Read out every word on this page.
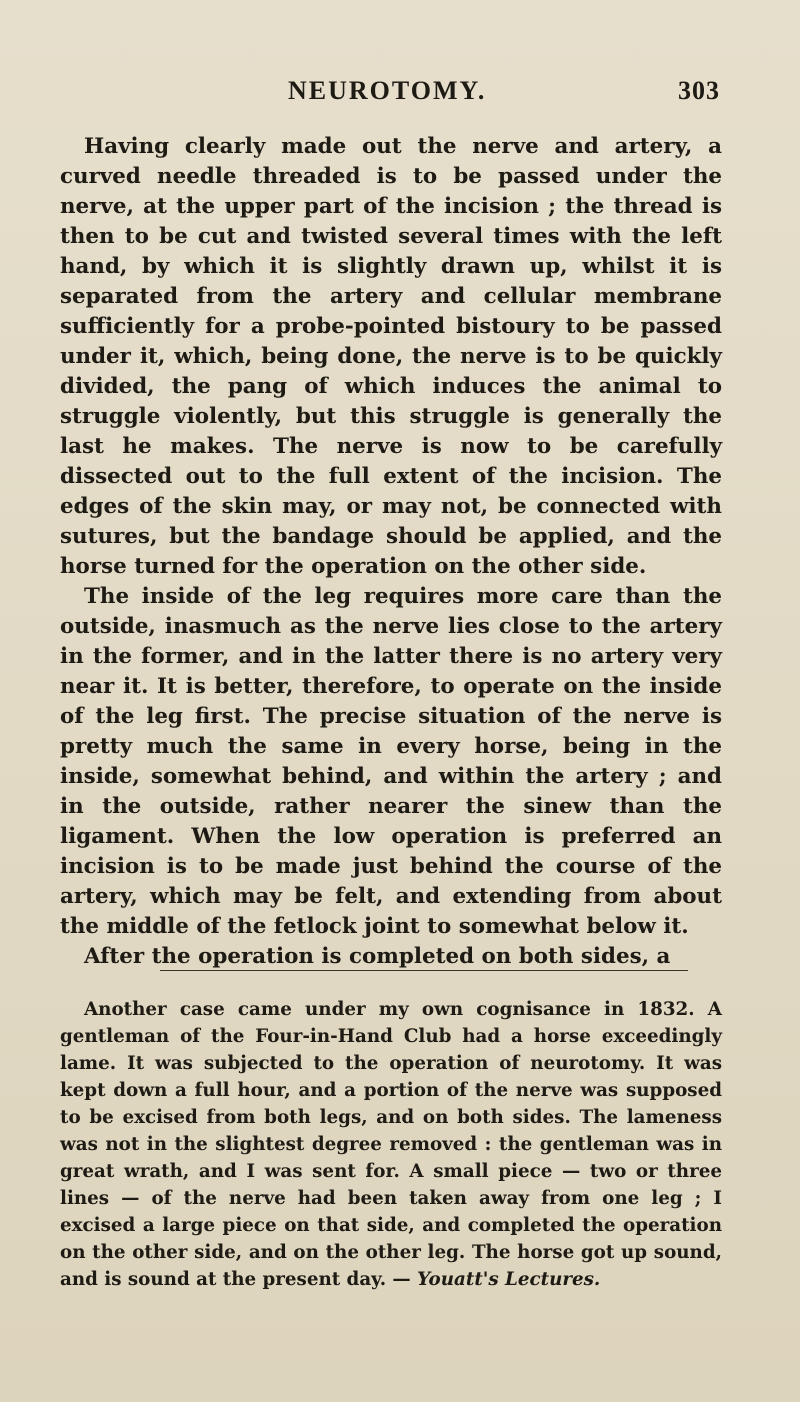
NEUROTOMY.	303

Having clearly made out the nerve and artery, a curved needle threaded is to be passed under the nerve, at the upper part of the incision ; the thread is then to be cut and twisted several times with the left hand, by which it is slightly drawn up, whilst it is separated from the artery and cellular membrane sufficiently for a probe-pointed bistoury to be passed under it, which, being done, the nerve is to be quickly divided, the pang of which induces the animal to struggle violently, but this struggle is generally the last he makes. The nerve is now to be carefully dissected out to the full extent of the incision. The edges of the skin may, or may not, be connected with sutures, but the bandage should be applied, and the horse turned for the operation on the other side.

The inside of the leg requires more care than the outside, inasmuch as the nerve lies close to the artery in the former, and in the latter there is no artery very near it. It is better, therefore, to operate on the inside of the leg first. The precise situation of the nerve is pretty much the same in every horse, being in the inside, somewhat behind, and within the artery ; and in the outside, rather nearer the sinew than the ligament. When the low operation is preferred an incision is to be made just behind the course of the artery, which may be felt, and extending from about the middle of the fetlock joint to somewhat below it.

After the operation is completed on both sides, a

Another case came under my own cognisance in 1832. A gentleman of the Four-in-Hand Club had a horse exceedingly lame. It was subjected to the operation of neurotomy. It was kept down a full hour, and a portion of the nerve was supposed to be excised from both legs, and on both sides. The lameness was not in the slightest degree removed : the gentleman was in great wrath, and I was sent for. A small piece — two or three lines — of the nerve had been taken away from one leg ; I excised a large piece on that side, and completed the operation on the other side, and on the other leg. The horse got up sound, and is sound at the present day. — Youatt's Lectures.
